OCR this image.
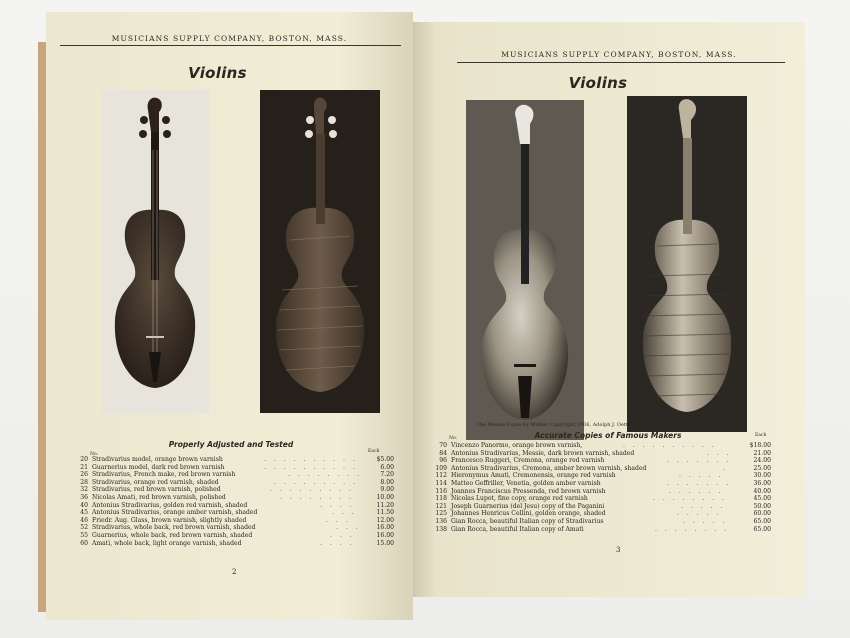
MUSICIANS SUPPLY COMPANY, BOSTON, MASS.
Violins
Properly Adjusted and Tested
No.
Each
20 Stradivarius model, orange brown varnish	. . . . . . . . . .	$5.00
21 Guarnerius model, dark red brown varnish	. . . . . . . . . .	6.00
26 Stradivarius, French make, red brown varnish	. . . . . . . .	7.20
28 Stradivarius, orange red varnish, shaded	. . . . . . . . .	8.00
32 Stradivarius, red brown varnish, polished	. . . . . . . . .	9.00
36 Nicolas Amati, red brown varnish, polished	. . . . . . . .	10.00
40 Antonius Stradivarius, golden red varnish, shaded	. . . .	11.20
45 Antonius Stradivarius, orange amber varnish, shaded	. . .	11.50
46 Friedr. Aug. Glass, brown varnish, slightly shaded	. . .	12.00
52 Stradivarius, whole back, red brown varnish, shaded	. . .	16.00
55 Guarnerius, whole back, red brown varnish, shaded	. . .	16.00
60 Amati, whole back, light orange varnish, shaded	. . . .	15.00
2
MUSICIANS SUPPLY COMPANY, BOSTON, MASS.
Violins
The Messie Copie by Muller. Copyright 1906, Adolph J. Oettinger, by permission of Hermann Muller
Accurate Copies of Famous Makers
No.
Each
70 Vincenzo Panormo, orange brown varnish,	. . . . . . . . . .	$18.00
84 Antonius Stradivarius, Messie, dark brown varnish, shaded	. . .	21.00
96 Francesco Ruggeri, Cremona, orange red varnish	. . . . . . .	24.00
109 Antonius Stradivarius, Cremona, amber brown varnish, shaded	.	25.00
112 Hieronymus Amati, Cremonensis, orange red varnish	. . . . .	30.00
114 Matteo Geffriller, Venetia, golden amber varnish	. . . . . . .	36.00
116 Joannes Franciscus Pressenda, red brown varnish	. . . . . .	40.00
118 Nicolas Lupot, fine copy, orange red varnish	. . . . . . . .	45.00
121 Joseph Guarnerius (del Jesu) copy of the Paganini	. . . . .	50.00
125 Johannes Henricus Cellini, golden orange, shaded	. . . . .	60.00
136 Gian Rocca, beautiful Italian copy of Stradivarius	. . . . .	65.00
138 Gian Rocca, beautiful Italian copy of Amati	. . . . . . . .	65.00
3
